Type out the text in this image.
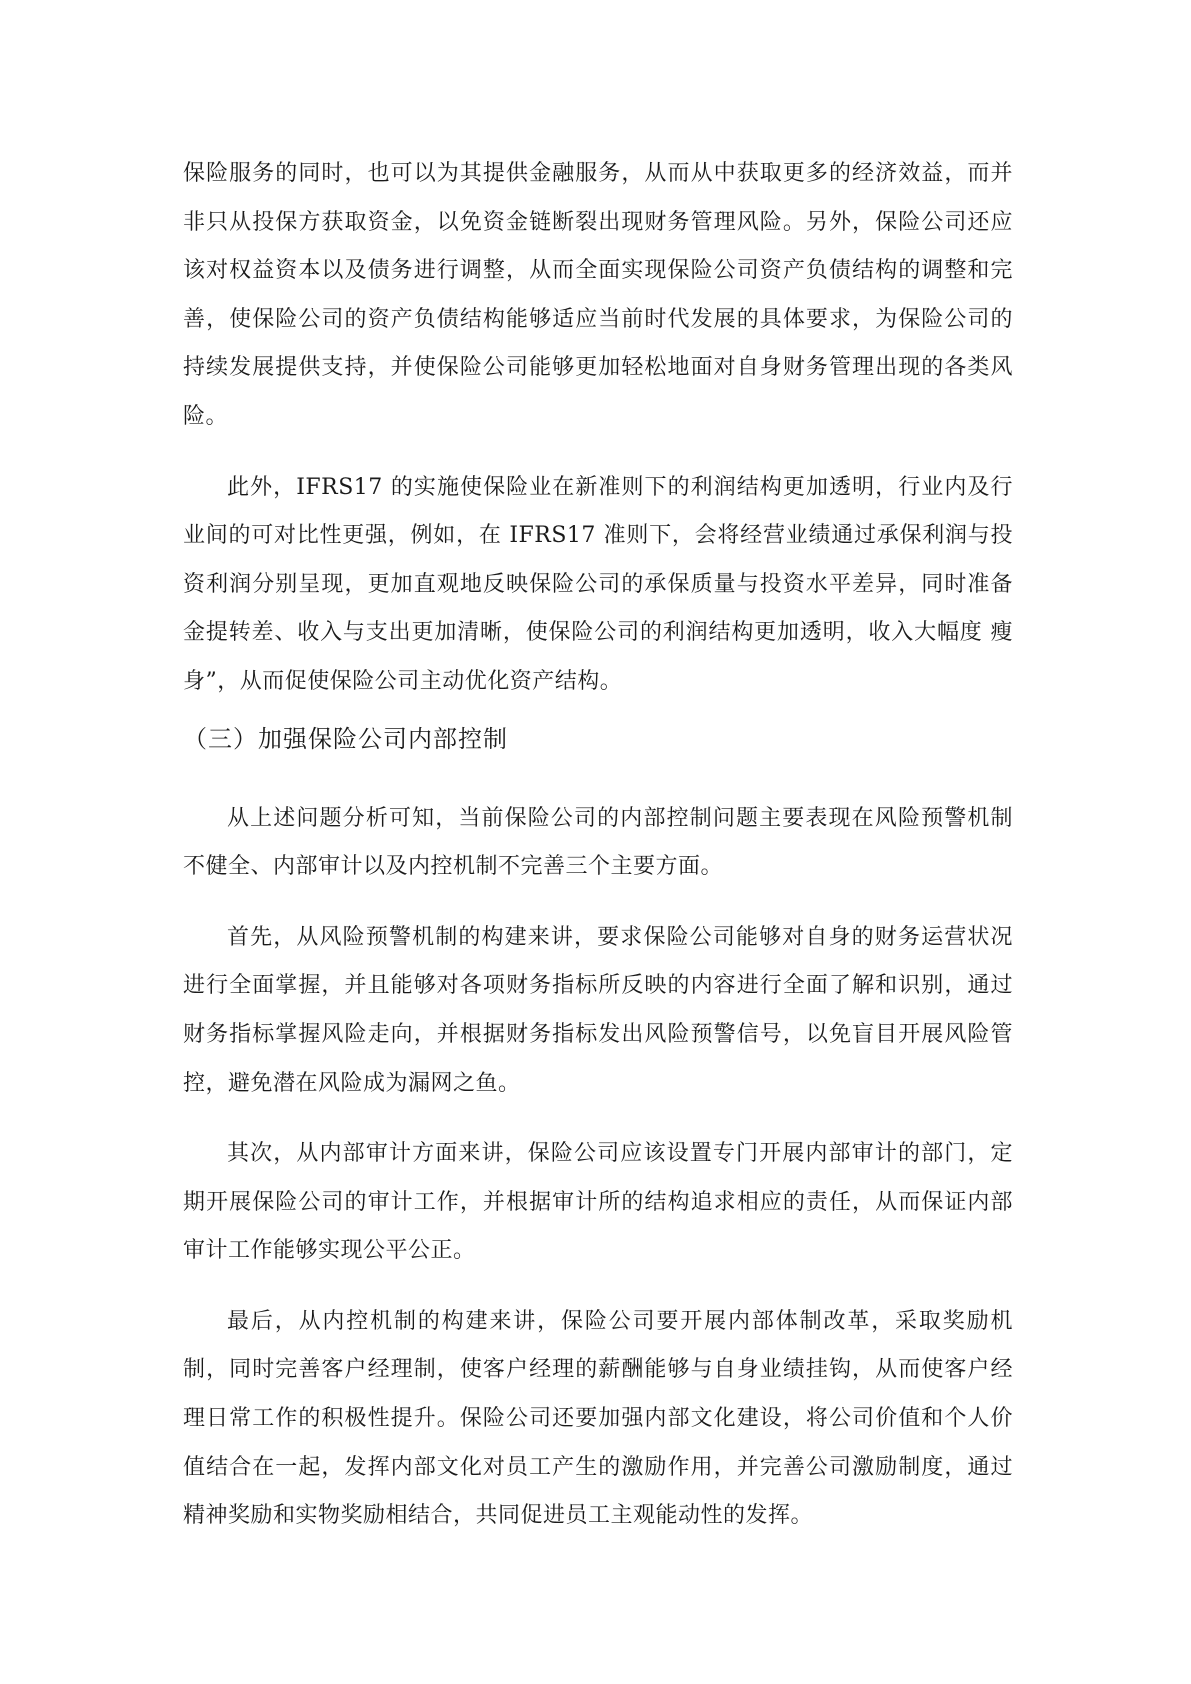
保险服务的同时，也可以为其提供金融服务，从而从中获取更多的经济效益，而并非只从投保方获取资金，以免资金链断裂出现财务管理风险。另外，保险公司还应该对权益资本以及债务进行调整，从而全面实现保险公司资产负债结构的调整和完善，使保险公司的资产负债结构能够适应当前时代发展的具体要求，为保险公司的持续发展提供支持，并使保险公司能够更加轻松地面对自身财务管理出现的各类风险。

此外，IFRS17 的实施使保险业在新准则下的利润结构更加透明，行业内及行业间的可对比性更强，例如，在 IFRS17 准则下，会将经营业绩通过承保利润与投资利润分别呈现，更加直观地反映保险公司的承保质量与投资水平差异，同时准备金提转差、收入与支出更加清晰，使保险公司的利润结构更加透明，收入大幅度 瘦身”，从而促使保险公司主动优化资产结构。

（三）加强保险公司内部控制

从上述问题分析可知，当前保险公司的内部控制问题主要表现在风险预警机制不健全、内部审计以及内控机制不完善三个主要方面。

首先，从风险预警机制的构建来讲，要求保险公司能够对自身的财务运营状况进行全面掌握，并且能够对各项财务指标所反映的内容进行全面了解和识别，通过财务指标掌握风险走向，并根据财务指标发出风险预警信号，以免盲目开展风险管控，避免潜在风险成为漏网之鱼。

其次，从内部审计方面来讲，保险公司应该设置专门开展内部审计的部门，定期开展保险公司的审计工作，并根据审计所的结构追求相应的责任，从而保证内部审计工作能够实现公平公正。

最后，从内控机制的构建来讲，保险公司要开展内部体制改革，采取奖励机制，同时完善客户经理制，使客户经理的薪酬能够与自身业绩挂钩，从而使客户经理日常工作的积极性提升。保险公司还要加强内部文化建设，将公司价值和个人价值结合在一起，发挥内部文化对员工产生的激励作用，并完善公司激励制度，通过精神奖励和实物奖励相结合，共同促进员工主观能动性的发挥。
